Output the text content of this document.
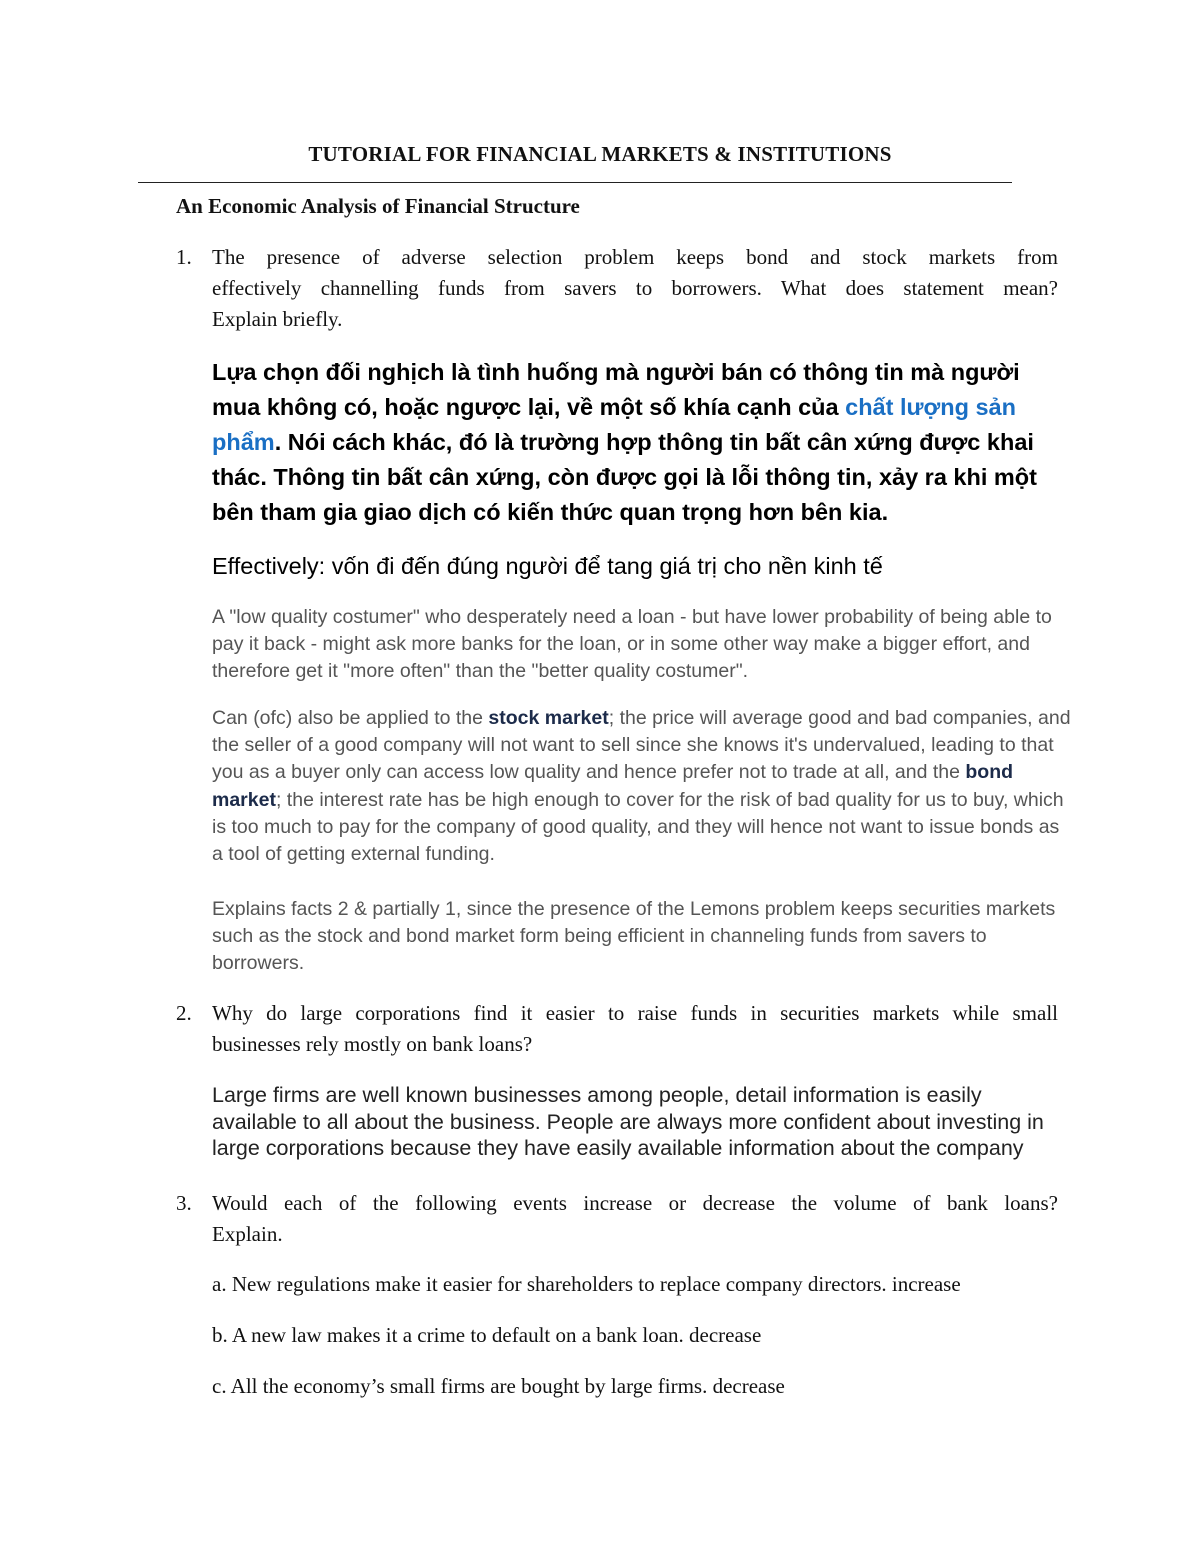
TUTORIAL FOR FINANCIAL MARKETS & INSTITUTIONS
An Economic Analysis of Financial Structure
1. The presence of adverse selection problem keeps bond and stock markets from
effectively channelling funds from savers to borrowers. What does statement mean?
Explain briefly.
Lựa chọn đối nghịch là tình huống mà người bán có thông tin mà người mua không có, hoặc ngược lại, về một số khía cạnh của chất lượng sản phẩm. Nói cách khác, đó là trường hợp thông tin bất cân xứng được khai thác. Thông tin bất cân xứng, còn được gọi là lỗi thông tin, xảy ra khi một bên tham gia giao dịch có kiến thức quan trọng hơn bên kia.
Effectively: vốn đi đến đúng người để tang giá trị cho nền kinh tế
A "low quality costumer" who desperately need a loan - but have lower probability of being able to pay it back - might ask more banks for the loan, or in some other way make a bigger effort, and therefore get it "more often" than the "better quality costumer".
Can (ofc) also be applied to the stock market; the price will average good and bad companies, and the seller of a good company will not want to sell since she knows it's undervalued, leading to that you as a buyer only can access low quality and hence prefer not to trade at all, and the bond market; the interest rate has be high enough to cover for the risk of bad quality for us to buy, which is too much to pay for the company of good quality, and they will hence not want to issue bonds as a tool of getting external funding.
Explains facts 2 & partially 1, since the presence of the Lemons problem keeps securities markets such as the stock and bond market form being efficient in channeling funds from savers to borrowers.
2. Why do large corporations find it easier to raise funds in securities markets while small
businesses rely mostly on bank loans?
Large firms are well known businesses among people, detail information is easily available to all about the business. People are always more confident about investing in large corporations because they have easily available information about the company
3. Would each of the following events increase or decrease the volume of bank loans?
Explain.
a. New regulations make it easier for shareholders to replace company directors. increase
b. A new law makes it a crime to default on a bank loan. decrease
c. All the economy’s small firms are bought by large firms. decrease
